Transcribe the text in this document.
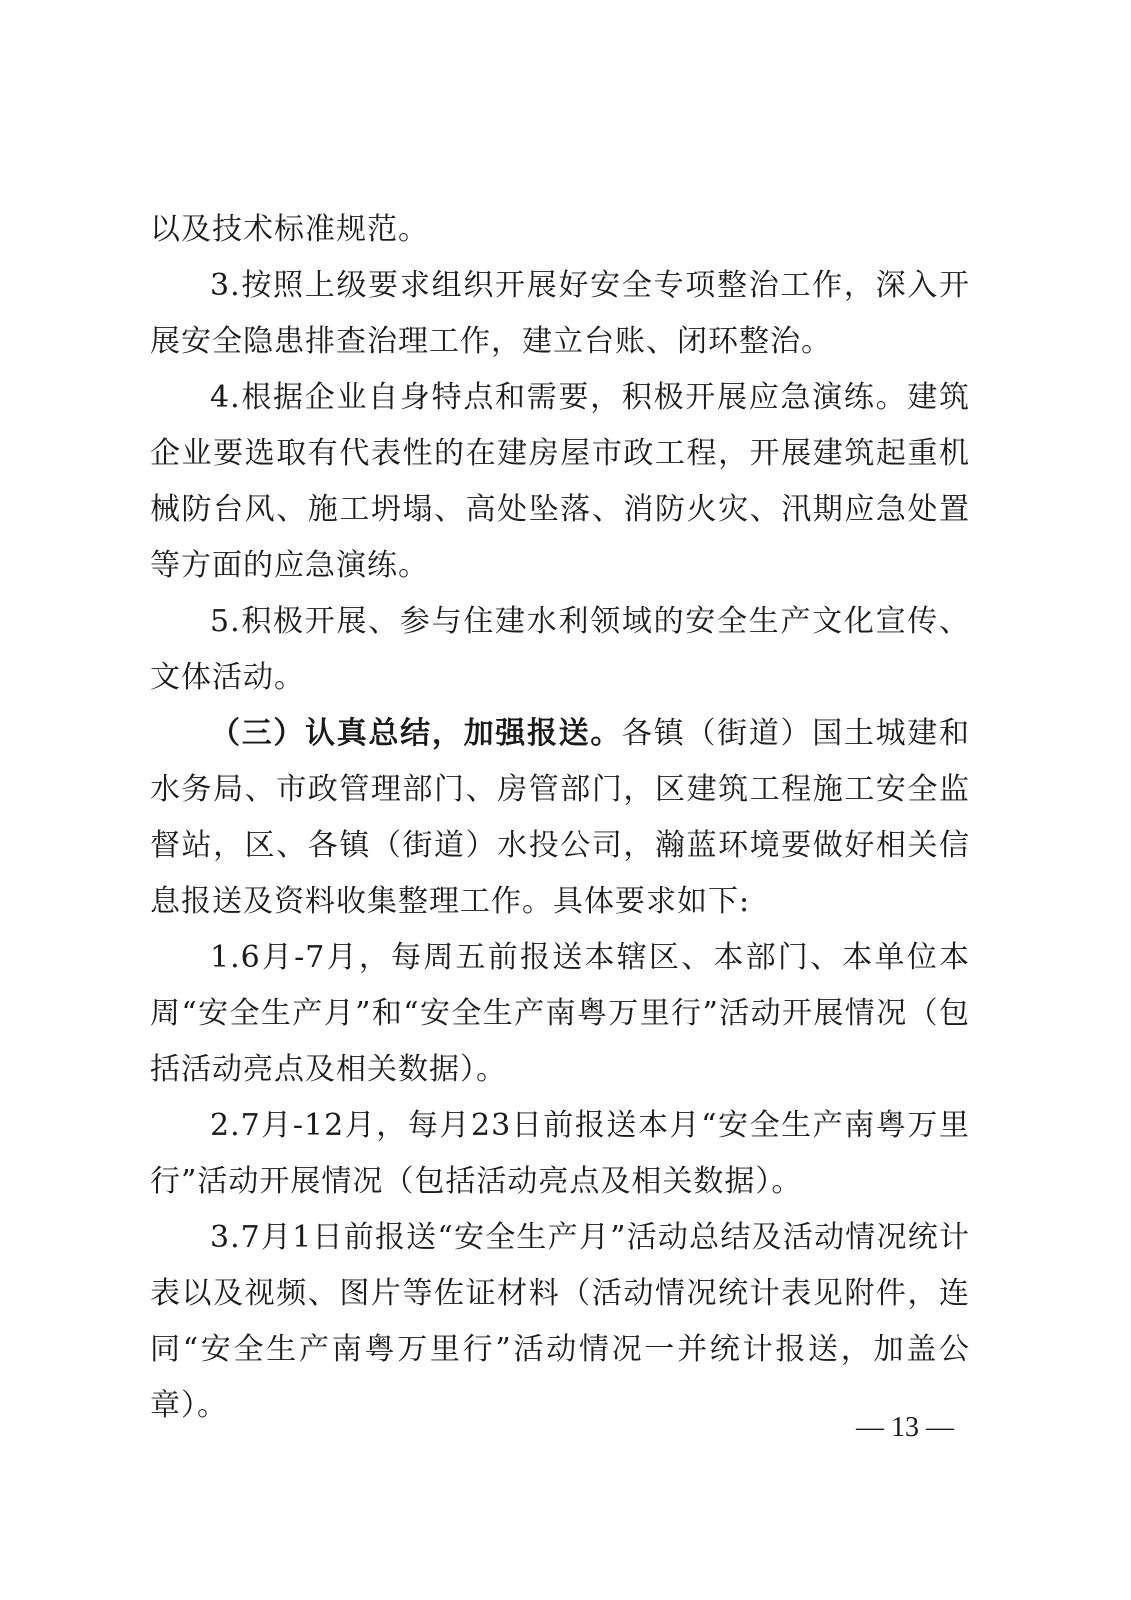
以及技术标准规范。

3.按照上级要求组织开展好安全专项整治工作，深入开展安全隐患排查治理工作，建立台账、闭环整治。

4.根据企业自身特点和需要，积极开展应急演练。建筑企业要选取有代表性的在建房屋市政工程，开展建筑起重机械防台风、施工坍塌、高处坠落、消防火灾、汛期应急处置等方面的应急演练。

5.积极开展、参与住建水利领域的安全生产文化宣传、文体活动。

（三）认真总结，加强报送。各镇（街道）国土城建和水务局、市政管理部门、房管部门，区建筑工程施工安全监督站，区、各镇（街道）水投公司，瀚蓝环境要做好相关信息报送及资料收集整理工作。具体要求如下:

1.6月-7月，每周五前报送本辖区、本部门、本单位本周“安全生产月”和“安全生产南粤万里行”活动开展情况（包括活动亮点及相关数据）。

2.7月-12月，每月23日前报送本月“安全生产南粤万里行”活动开展情况（包括活动亮点及相关数据）。

3.7月1日前报送“安全生产月”活动总结及活动情况统计表以及视频、图片等佐证材料（活动情况统计表见附件，连同“安全生产南粤万里行”活动情况一并统计报送，加盖公章）。

— 13 —
